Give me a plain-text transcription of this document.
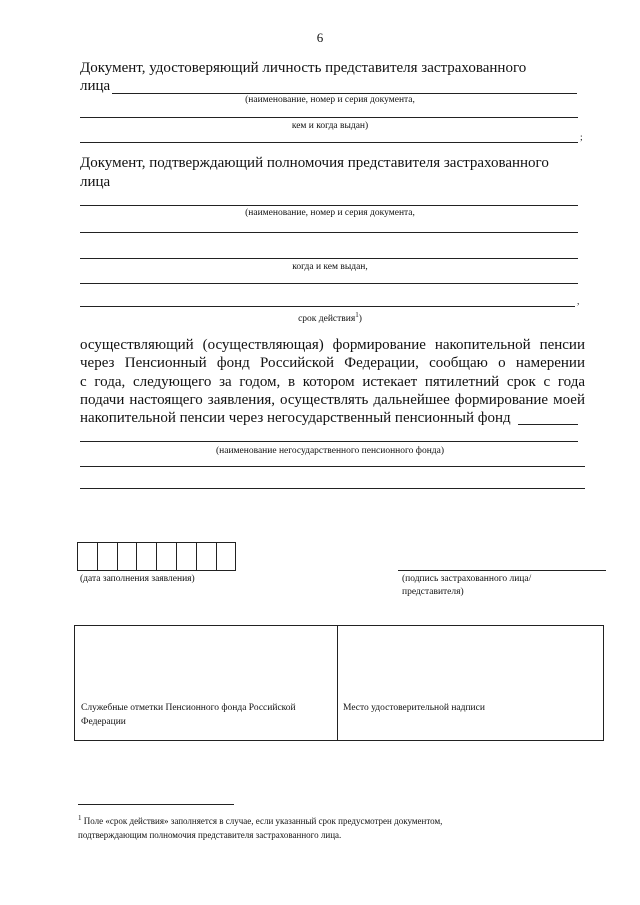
6
Документ, удостоверяющий личность представителя застрахованного
лица
(наименование, номер и серия документа,
кем и когда выдан)
;
Документ, подтверждающий полномочия представителя застрахованного
лица
(наименование, номер и серия документа,
когда и кем выдан,
,
срок действия$^1$)
осуществляющий (осуществляющая) формирование накопительной пенсии
через Пенсионный фонд Российской Федерации, сообщаю о намерении
с года, следующего за годом, в котором истекает пятилетний срок с года
подачи настоящего заявления, осуществлять дальнейшее формирование моей
накопительной пенсии через негосударственный пенсионный фонд
(наименование негосударственного пенсионного фонда)
(дата заполнения заявления)	(подпись застрахованного лица/
представителя)
Служебные отметки Пенсионного фонда Российской
Федерации
Место удостоверительной надписи
$^1$ Поле «срок действия» заполняется в случае, если указанный срок предусмотрен документом,
подтверждающим полномочия представителя застрахованного лица.
